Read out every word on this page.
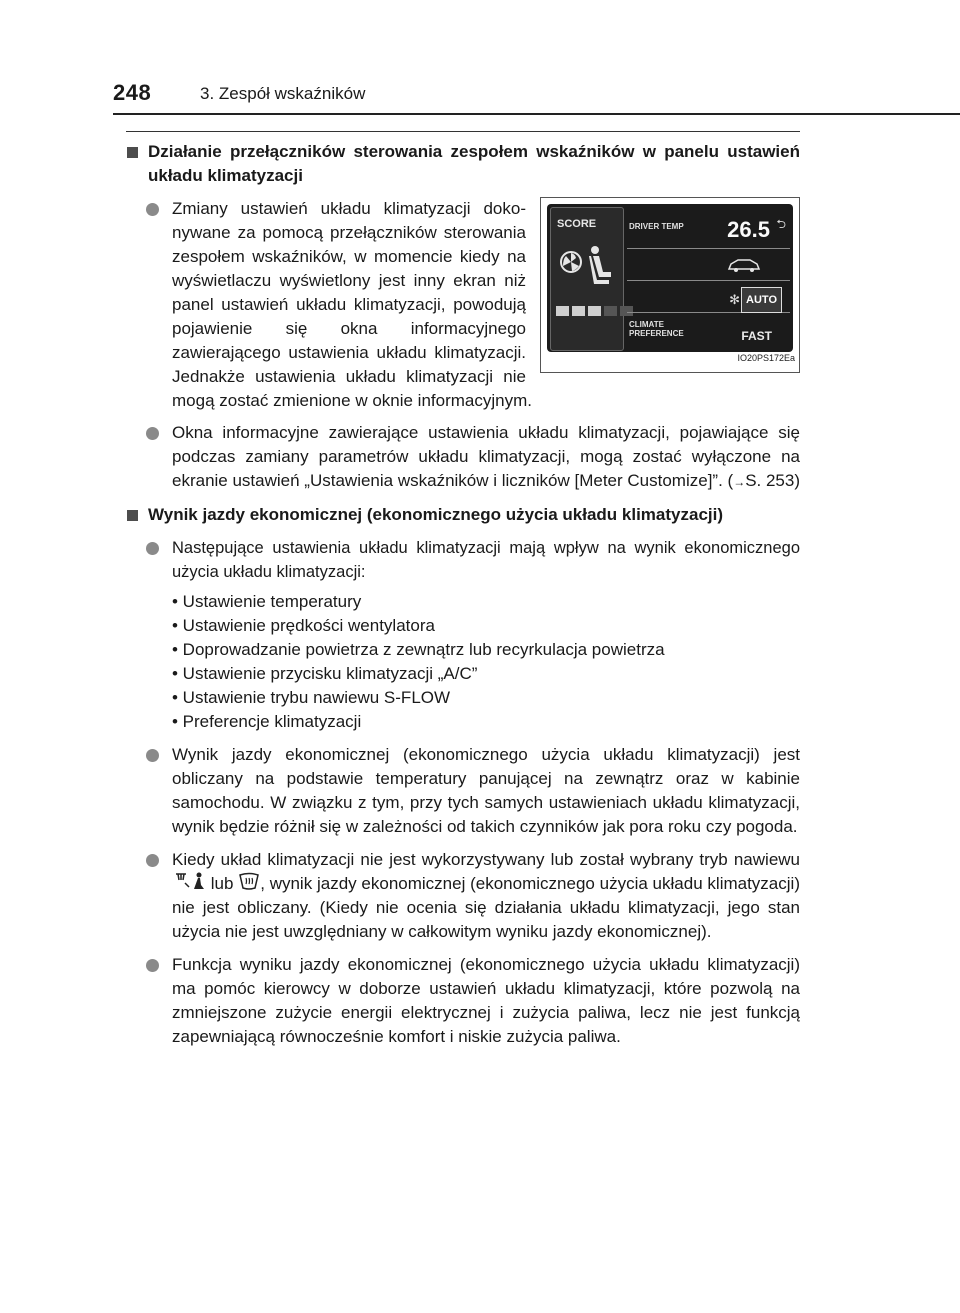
248	3. Zespół wskaźników
Działanie przełączników sterowania zespołem wskaźników w panelu ustawień układu klimatyzacji
SCORE	DRIVER TEMP 26.5 ⮌
✻ AUTO
CLIMATE
PREFERENCE	FAST
IO20PS172Ea
Zmiany ustawień układu klimatyzacji dokonywane za pomocą przełączników sterowania zespołem wskaźników, w momencie kiedy na wyświetlaczu wyświetlony jest inny ekran niż panel ustawień układu klimatyzacji, powodują pojawienie się okna informacyjnego zawierającego ustawienia układu klimatyzacji. Jednakże ustawienia układu klimatyzacji nie mogą zostać zmienione w oknie informacyjnym.
Okna informacyjne zawierające ustawienia układu klimatyzacji, pojawiające się podczas zamiany parametrów układu klimatyzacji, mogą zostać wyłączone na ekranie ustawień „Ustawienia wskaźników i liczników [Meter Customize]”. (→S. 253)
Wynik jazdy ekonomicznej (ekonomicznego użycia układu klimatyzacji)
Następujące ustawienia układu klimatyzacji mają wpływ na wynik ekonomicznego użycia układu klimatyzacji:
• Ustawienie temperatury
• Ustawienie prędkości wentylatora
• Doprowadzanie powietrza z zewnątrz lub recyrkulacja powietrza
• Ustawienie przycisku klimatyzacji „A/C”
• Ustawienie trybu nawiewu S-FLOW
• Preferencje klimatyzacji
Wynik jazdy ekonomicznej (ekonomicznego użycia układu klimatyzacji) jest obliczany na podstawie temperatury panującej na zewnątrz oraz w kabinie samochodu. W związku z tym, przy tych samych ustawieniach układu klimatyzacji, wynik będzie różnił się w zależności od takich czynników jak pora roku czy pogoda.
Kiedy układ klimatyzacji nie jest wykorzystywany lub został wybrany tryb nawiewu  lub , wynik jazdy ekonomicznej (ekonomicznego użycia układu klimatyzacji) nie jest obliczany. (Kiedy nie ocenia się działania układu klimatyzacji, jego stan użycia nie jest uwzględniany w całkowitym wyniku jazdy ekonomicznej).
Funkcja wyniku jazdy ekonomicznej (ekonomicznego użycia układu klimatyzacji) ma pomóc kierowcy w doborze ustawień układu klimatyzacji, które pozwolą na zmniejszone zużycie energii elektrycznej i zużycia paliwa, lecz nie jest funkcją zapewniającą równocześnie komfort i niskie zużycia paliwa.
